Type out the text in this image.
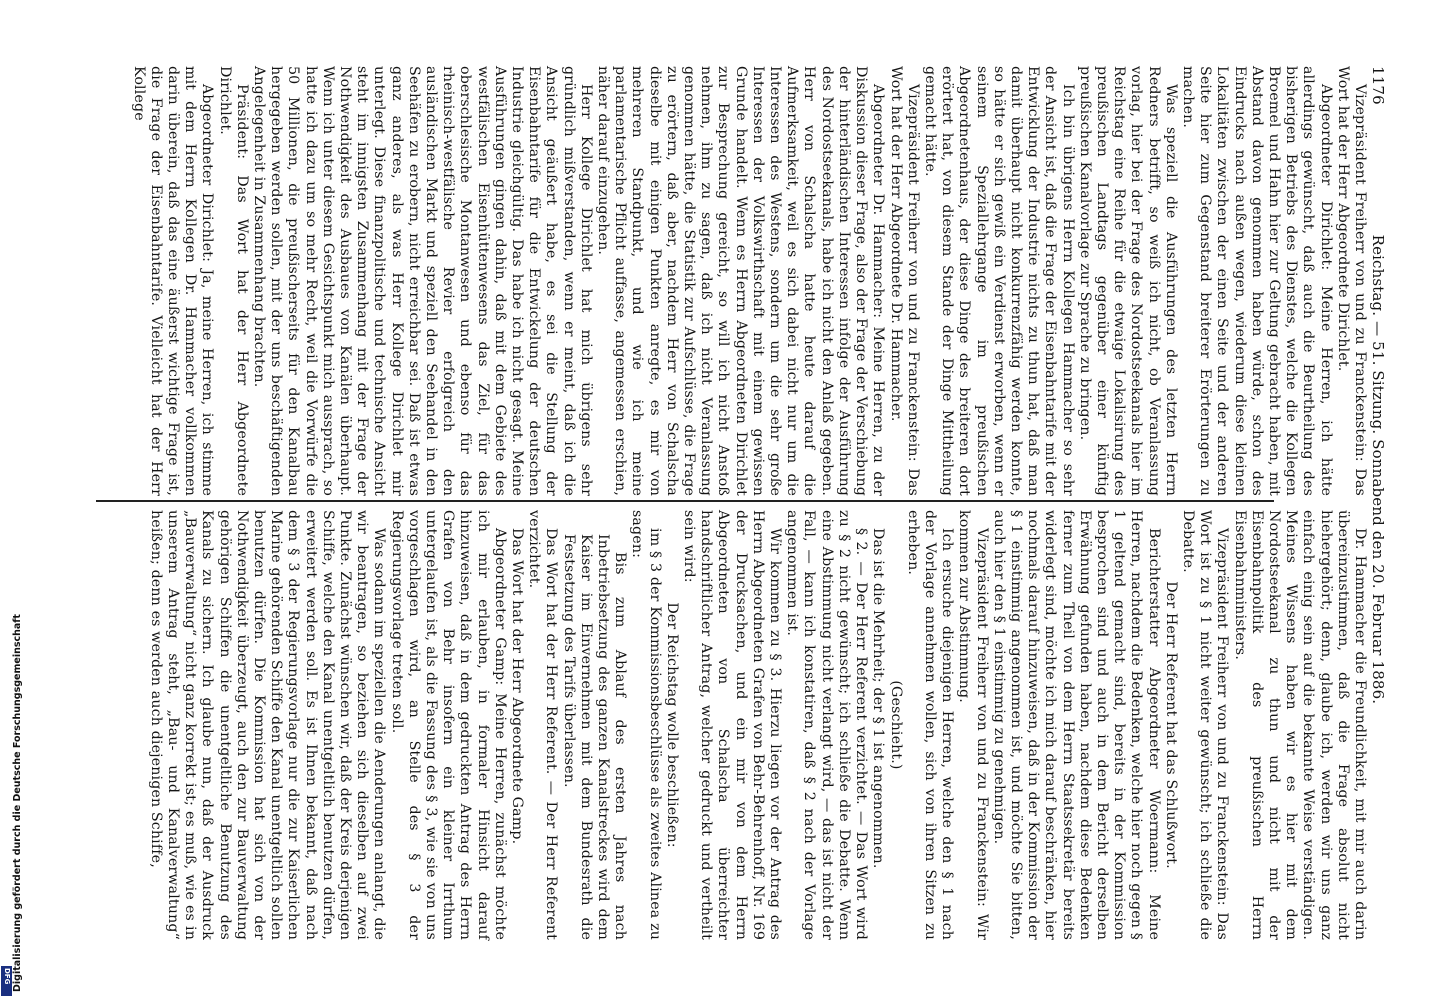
Digitalisierung gefördert durch die Deutsche Forschungsgemeinschaft
DFG
1176  Reichstag. — 51. Sitzung. Sonnabend den 20. Februar 1886.

Vizepräsident Freiherr von und zu Franckenstein: Das Wort hat der Herr Abgeordnete Dirichlet.

Abgeordneter Dirichlet: Meine Herren, ich hätte allerdings gewünscht, daß auch die Beurtheilung des bisherigen Betriebs des Dienstes, welche die Kollegen Broemel und Hahn hier zur Geltung gebracht haben, mit Abstand davon genommen haben würde, schon des Eindrucks nach außen wegen, wiederum diese kleinen Lokalitäten zwischen der einen Seite und der anderen Seite hier zum Gegenstand breiterer Erörterungen zu machen.

Was speziell die Ausführungen des letzten Herrn Redners betrifft, so weiß ich nicht, ob Veranlassung vorlag, hier bei der Frage des Nordostseekanals hier im Reichstag eine Reihe für die etwaige Lokalisirung des preußischen Landtags gegenüber einer künftig preußischen Kanalvorlage zur Sprache zu bringen.

Ich bin übrigens Herrn Kollegen Hammacher so sehr der Ansicht ist, daß die Frage der Eisenbahntarife mit der Entwicklung der Industrie nichts zu thun hat, daß man damit überhaupt nicht konkurrenzfähig werden konnte, so hätte er sich gewiß ein Verdienst erworben, wenn er seinem Speziallehrgange im preußischen Abgeordnetenhaus, der diese Dinge des breiteren dort erörtert hat, von diesem Stande der Dinge Mittheilung gemacht hätte.

Vizepräsident Freiherr von und zu Franckenstein: Das Wort hat der Herr Abgeordnete Dr. Hammacher.

Abgeordneter Dr. Hammacher: Meine Herren, zu der Diskussion dieser Frage, also der Frage der Verschiebung der hinterländischen Interessen infolge der Ausführung des Nordostseekanals, habe ich nicht den Anlaß gegeben. Herr von Schalscha hatte heute darauf die Aufmerksamkeit, weil es sich dabei nicht nur um die Interessen des Westens, sondern um die sehr große Interessen der Volkswirthschaft mit einem gewissen Grunde handelt. Wenn es Herrn Abgeordneten Dirichlet zur Besprechung gereicht, so will ich nicht Anstoß nehmen, ihm zu sagen, daß ich nicht Veranlassung genommen hätte, die Statistik zur Aufschlüsse, die Frage zu erörtern, daß aber, nachdem Herr von Schalscha dieselbe mit einigen Punkten anregte, es mir von mehreren Standpunkt, und wie ich meine parlamentarische Pflicht auffasse, angemessen erschien, näher darauf einzugehen.

Herr Kollege Dirichlet hat mich übrigens sehr gründlich mißverstanden, wenn er meint, daß ich die Ansicht geäußert habe, es sei die Stellung der Eisenbahntarife für die Entwickelung der deutschen Industrie gleichgültig. Das habe ich nicht gesagt. Meine Ausführungen gingen dahin, daß mit dem Gebiete des westfälischen Eisenhüttenwesens das Ziel, für das oberschlesische Montanwesen und ebenso für das rheinisch-westfälische Revier erfolgreich den ausländischen Markt und speziell den Seehandel in den Seehäfen zu erobern, nicht erreichbar sei. Daß ist etwas ganz anderes, als was Herr Kollege Dirichlet mir unterlegt. Diese finanzpolitische und technische Ansicht steht im innigsten Zusammenhang mit der Frage der Nothwendigkeit des Ausbaues von Kanälen überhaupt. Wenn ich unter diesem Gesichtspunkt mich aussprach, so hatte ich dazu um so mehr Recht, weil die Vorwürfe die 50 Millionen, die preußischerseits für den Kanalbau hergegeben werden sollen, mit der uns beschäftigenden Angelegenheit in Zusammenhang brachten.

Präsident: Das Wort hat der Herr Abgeordnete Dirichlet.

Abgeordneter Dirichlet: Ja, meine Herren, ich stimme mit dem Herrn Kollegen Dr. Hammacher vollkommen darin überein, daß das eine äußerst wichtige Frage ist, die Frage der Eisenbahntarife. Vielleicht hat der Herr Kollege

Dr. Hammacher die Freundlichkeit, mit mir auch darin übereinzustimmen, daß die Frage absolut nicht hiehergehört; denn, glaube ich, werden wir uns ganz einfach einig sein auf die bekannte Weise verständigen. Meines Wissens haben wir es hier mit dem Nordostseekanal zu thun und nicht mit der Eisenbahnpolitik des preußischen Herrn Eisenbahnministers.

Vizepräsident Freiherr von und zu Franckenstein: Das Wort ist zu § 1 nicht weiter gewünscht; ich schließe die Debatte.

Der Herr Referent hat das Schlußwort.

Berichterstatter Abgeordneter Woermann: Meine Herren, nachdem die Bedenken, welche hier noch gegen § 1 geltend gemacht sind, bereits in der Kommission besprochen sind und auch in dem Bericht derselben Erwähnung gefunden haben, nachdem diese Bedenken ferner zum Theil von dem Herrn Staatssekretär bereits widerlegt sind, möchte ich mich darauf beschränken, hier nochmals darauf hinzuweisen, daß in der Kommission der § 1 einstimmig angenommen ist, und möchte Sie bitten, auch hier den § 1 einstimmig zu genehmigen.

Vizepräsident Freiherr von und zu Franckenstein: Wir kommen zur Abstimmung.

Ich ersuche diejenigen Herren, welche den § 1 nach der Vorlage annehmen wollen, sich von ihren Sitzen zu erheben.

(Geschieht.)

Das ist die Mehrheit; der § 1 ist angenommen.

§ 2. — Der Herr Referent verzichtet. — Das Wort wird zu § 2 nicht gewünscht; ich schließe die Debatte. Wenn eine Abstimmung nicht verlangt wird, — das ist nicht der Fall, — kann ich konstatiren, daß § 2 nach der Vorlage angenommen ist.

Wir kommen zu § 3. Hierzu liegen vor der Antrag des Herrn Abgeordneten Grafen von Behr-Behrenhoff, Nr. 169 der Drucksachen, und ein mir von dem Herrn Abgeordneten von Schalscha überreichter handschriftlicher Antrag, welcher gedruckt und vertheilt sein wird:

Der Reichstag wolle beschließen:

im § 3 der Kommissionsbeschlüsse als zweites Alinea zu sagen:

Bis zum Ablauf des ersten Jahres nach Inbetriebsetzung des ganzen Kanalstreckes wird dem Kaiser im Einvernehmen mit dem Bundesrath die Festsetzung des Tarifs überlassen.

Das Wort hat der Herr Referent. — Der Herr Referent verzichtet.

Das Wort hat der Herr Abgeordnete Gamp.

Abgeordneter Gamp: Meine Herren, zunächst möchte ich mir erlauben, in formaler Hinsicht darauf hinzuweisen, daß in dem gedruckten Antrag des Herrn Grafen von Behr insofern ein kleiner Irrthum untergelaufen ist, als die Fassung des § 3, wie sie von uns vorgeschlagen wird, an Stelle des § 3 der Regierungsvorlage treten soll.

Was sodann im speziellen die Aenderungen anlangt, die wir beantragen, so beziehen sich dieselben auf zwei Punkte. Zunächst wünschen wir, daß der Kreis derjenigen Schiffe, welche den Kanal unentgeltlich benutzen dürfen, erweitert werden soll. Es ist Ihnen bekannt, daß nach dem § 3 der Regierungsvorlage nur die zur Kaiserlichen Marine gehörenden Schiffe den Kanal unentgeltlich sollen benutzen dürfen. Die Kommission hat sich von der Nothwendigkeit überzeugt, auch den zur Bauverwaltung gehörigen Schiffen die unentgeltliche Benutzung des Kanals zu sichern. Ich glaube nun, daß der Ausdruck „Bauverwaltung“ nicht ganz korrekt ist; es muß, wie es in unserem Antrag steht, „Bau- und Kanalverwaltung“ heißen; denn es werden auch diejenigen Schiffe,
